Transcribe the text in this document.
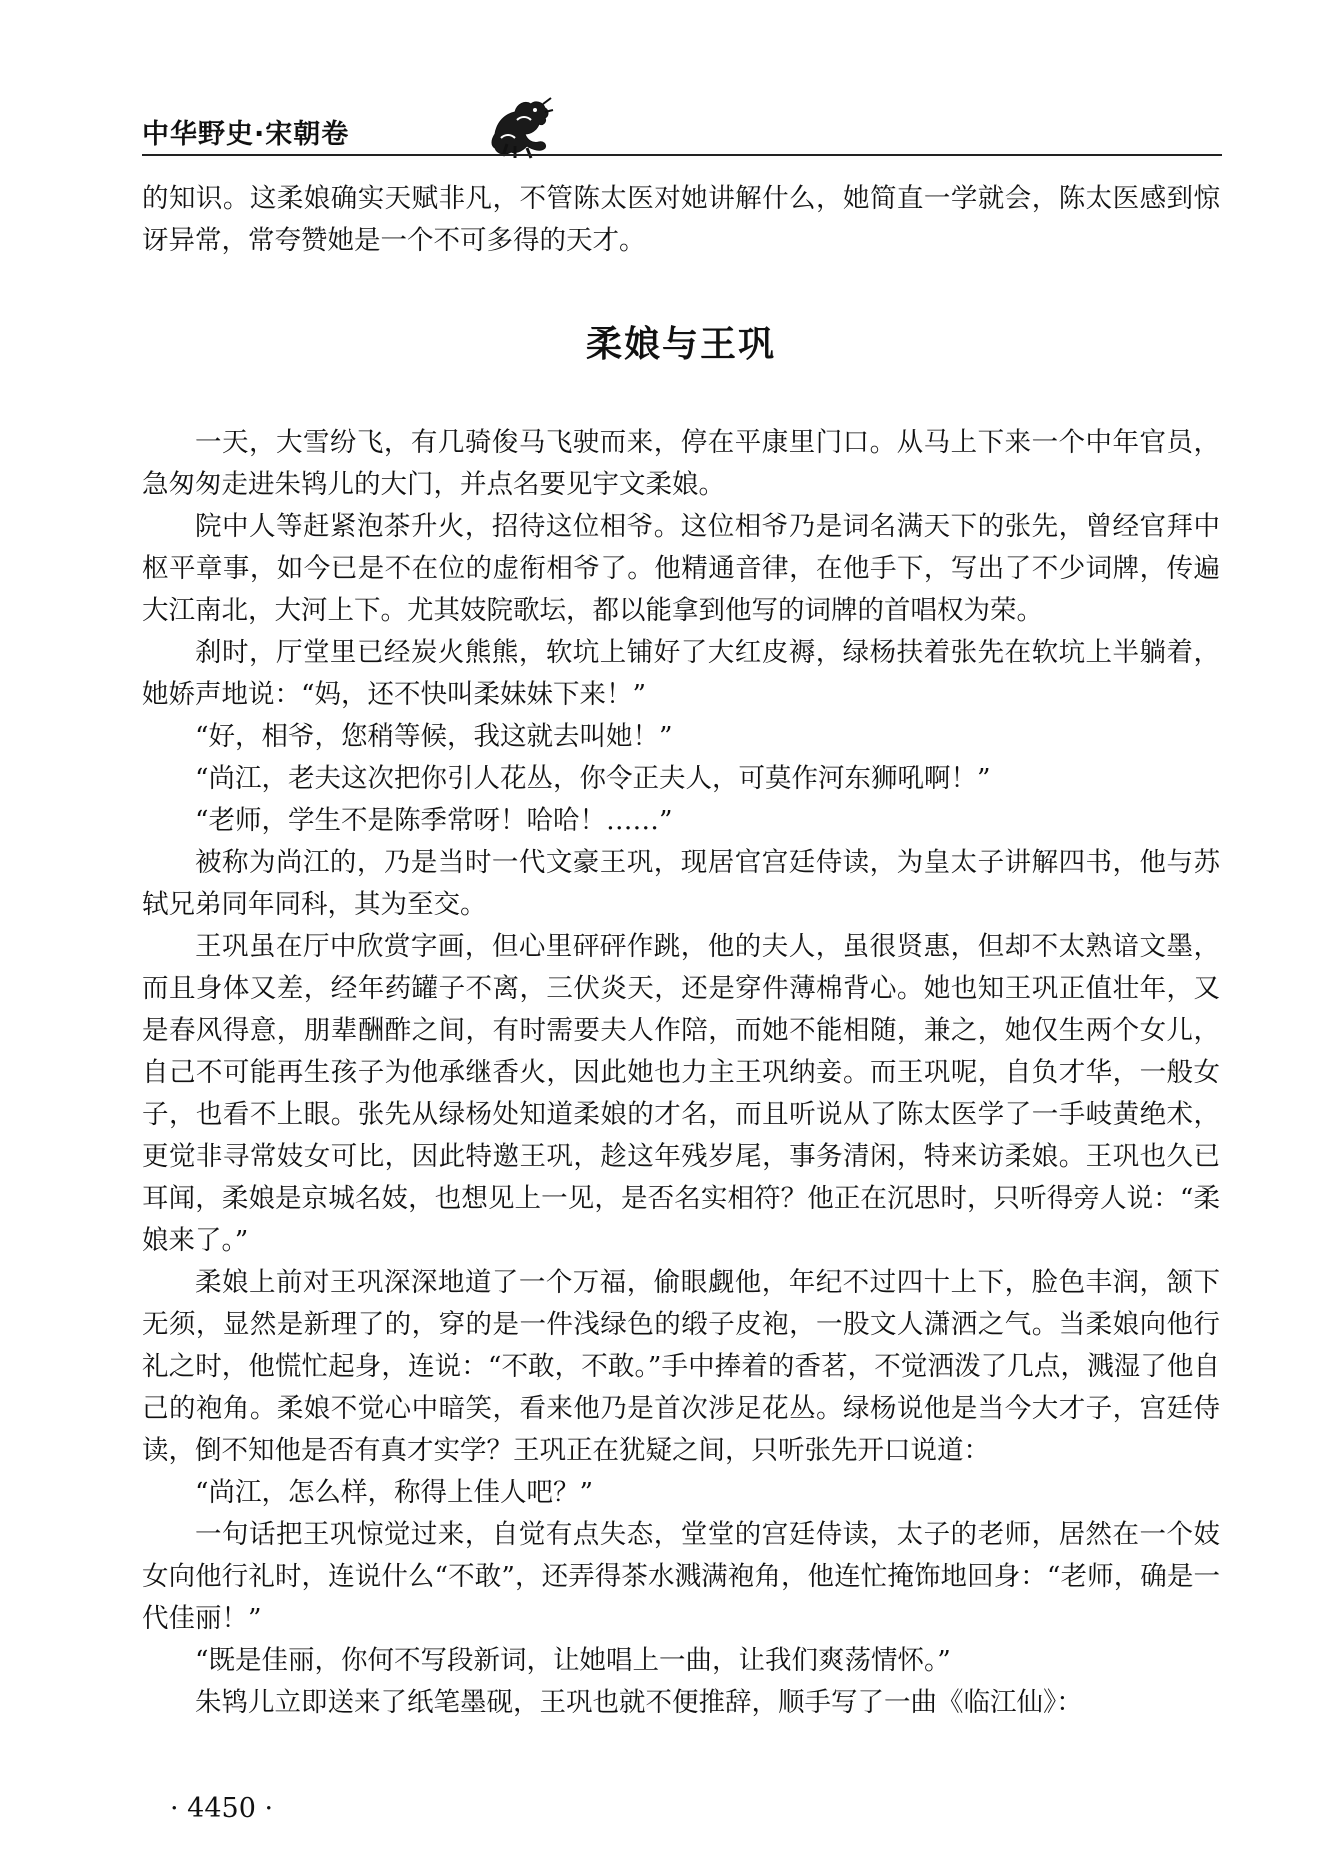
中华野史·宋朝卷

的知识。这柔娘确实天赋非凡，不管陈太医对她讲解什么，她简直一学就会，陈太医感到惊讶异常，常夸赞她是一个不可多得的天才。

柔娘与王巩

一天，大雪纷飞，有几骑俊马飞驶而来，停在平康里门口。从马上下来一个中年官员，急匆匆走进朱鸨儿的大门，并点名要见宇文柔娘。

院中人等赶紧泡茶升火，招待这位相爷。这位相爷乃是词名满天下的张先，曾经官拜中枢平章事，如今已是不在位的虚衔相爷了。他精通音律，在他手下，写出了不少词牌，传遍大江南北，大河上下。尤其妓院歌坛，都以能拿到他写的词牌的首唱权为荣。

刹时，厅堂里已经炭火熊熊，软坑上铺好了大红皮褥，绿杨扶着张先在软坑上半躺着，她娇声地说：“妈，还不快叫柔妹妹下来！”

“好，相爷，您稍等候，我这就去叫她！”

“尚江，老夫这次把你引人花丛，你令正夫人，可莫作河东狮吼啊！”

“老师，学生不是陈季常呀！哈哈！……”

被称为尚江的，乃是当时一代文豪王巩，现居官宫廷侍读，为皇太子讲解四书，他与苏轼兄弟同年同科，其为至交。

王巩虽在厅中欣赏字画，但心里砰砰作跳，他的夫人，虽很贤惠，但却不太熟谙文墨，而且身体又差，经年药罐子不离，三伏炎天，还是穿件薄棉背心。她也知王巩正值壮年，又是春风得意，朋辈酬酢之间，有时需要夫人作陪，而她不能相随，兼之，她仅生两个女儿，自己不可能再生孩子为他承继香火，因此她也力主王巩纳妾。而王巩呢，自负才华，一般女子，也看不上眼。张先从绿杨处知道柔娘的才名，而且听说从了陈太医学了一手岐黄绝术，更觉非寻常妓女可比，因此特邀王巩，趁这年残岁尾，事务清闲，特来访柔娘。王巩也久已耳闻，柔娘是京城名妓，也想见上一见，是否名实相符？他正在沉思时，只听得旁人说：“柔娘来了。”

柔娘上前对王巩深深地道了一个万福，偷眼觑他，年纪不过四十上下，脸色丰润，颔下无须，显然是新理了的，穿的是一件浅绿色的缎子皮袍，一股文人潇洒之气。当柔娘向他行礼之时，他慌忙起身，连说：“不敢，不敢。”手中捧着的香茗，不觉洒泼了几点，溅湿了他自己的袍角。柔娘不觉心中暗笑，看来他乃是首次涉足花丛。绿杨说他是当今大才子，宫廷侍读，倒不知他是否有真才实学？王巩正在犹疑之间，只听张先开口说道：

“尚江，怎么样，称得上佳人吧？”

一句话把王巩惊觉过来，自觉有点失态，堂堂的宫廷侍读，太子的老师，居然在一个妓女向他行礼时，连说什么“不敢”，还弄得茶水溅满袍角，他连忙掩饰地回身：“老师，确是一代佳丽！”

“既是佳丽，你何不写段新词，让她唱上一曲，让我们爽荡情怀。”

朱鸨儿立即送来了纸笔墨砚，王巩也就不便推辞，顺手写了一曲《临江仙》：

· 4450 ·
